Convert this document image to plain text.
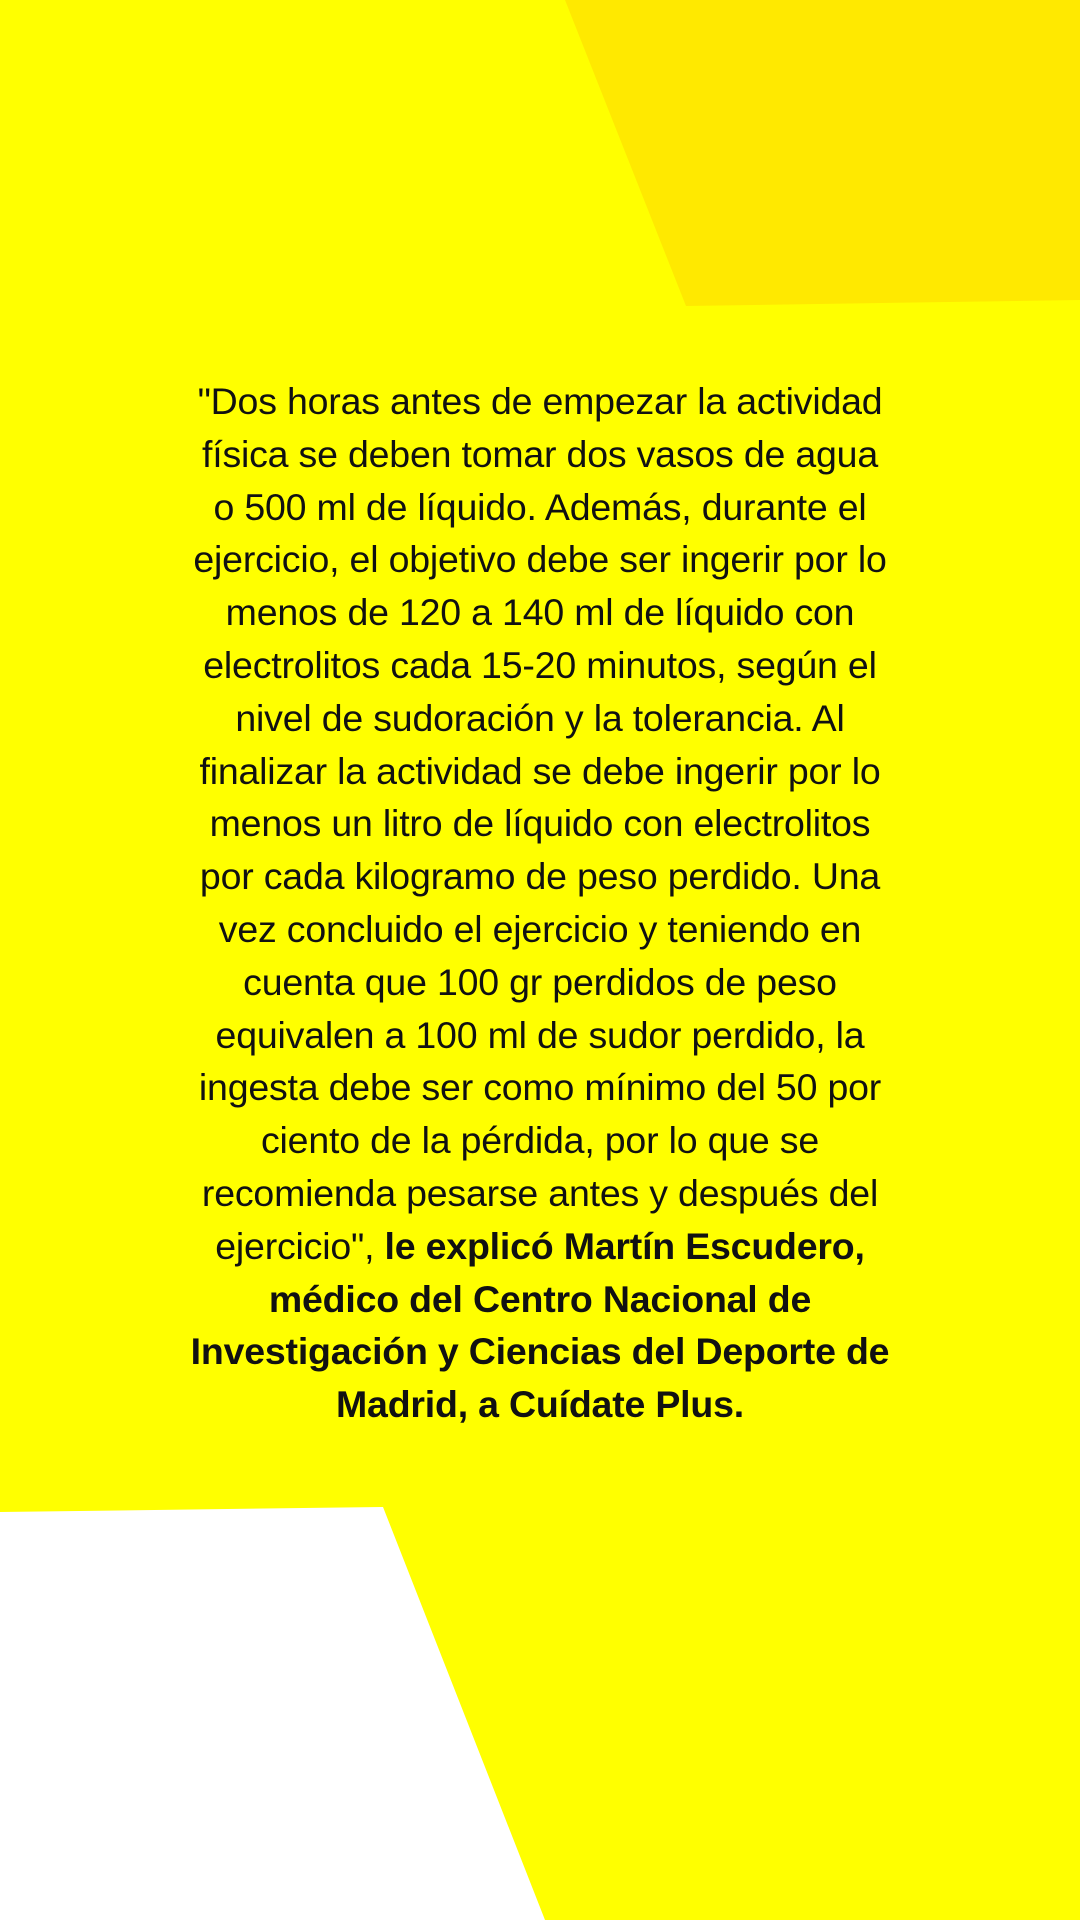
"Dos horas antes de empezar la actividad física se deben tomar dos vasos de agua o 500 ml de líquido. Además, durante el ejercicio, el objetivo debe ser ingerir por lo menos de 120 a 140 ml de líquido con electrolitos cada 15-20 minutos, según el nivel de sudoración y la tolerancia. Al finalizar la actividad se debe ingerir por lo menos un litro de líquido con electrolitos por cada kilogramo de peso perdido. Una vez concluido el ejercicio y teniendo en cuenta que 100 gr perdidos de peso equivalen a 100 ml de sudor perdido, la ingesta debe ser como mínimo del 50 por ciento de la pérdida, por lo que se recomienda pesarse antes y después del ejercicio", le explicó Martín Escudero, médico del Centro Nacional de Investigación y Ciencias del Deporte de Madrid, a Cuídate Plus.
